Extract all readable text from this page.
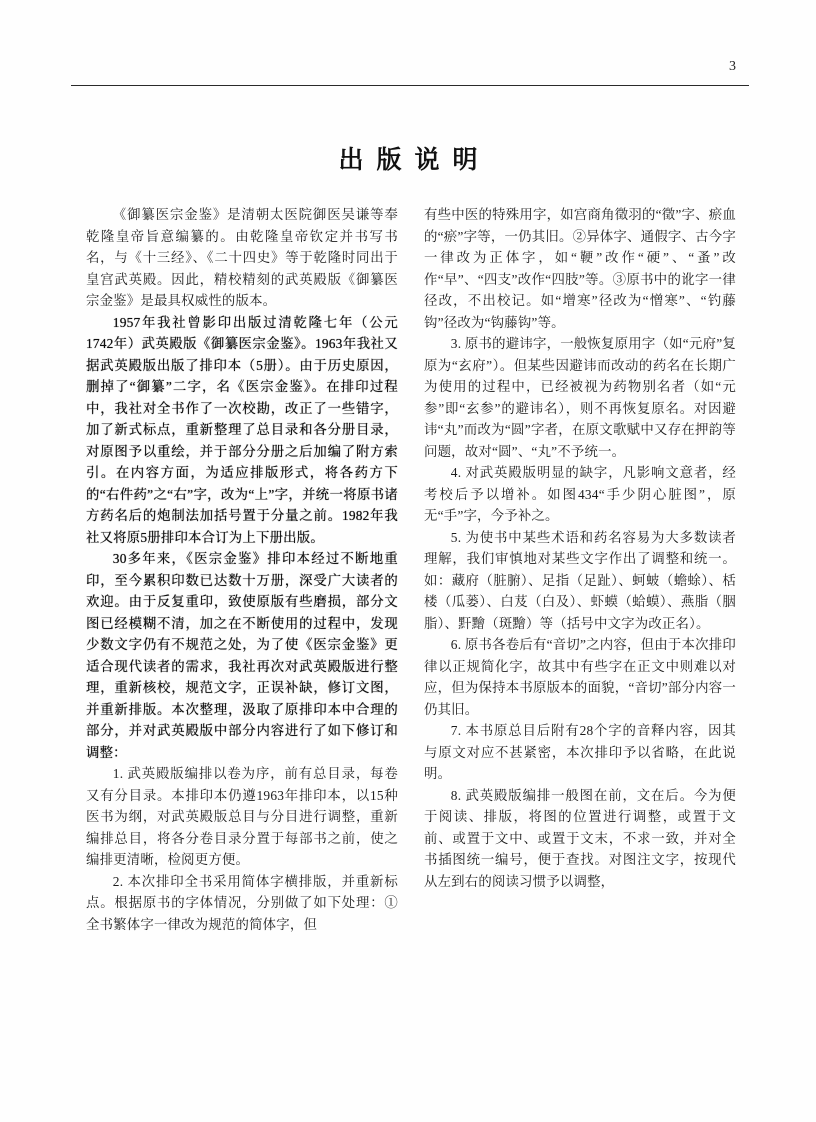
3
出版说明

《御纂医宗金鉴》是清朝太医院御医吴谦等奉乾隆皇帝旨意编纂的。由乾隆皇帝钦定并书写书名，与《十三经》、《二十四史》等于乾隆时同出于皇宫武英殿。因此，精校精刻的武英殿版《御纂医宗金鉴》是最具权威性的版本。

1957年我社曾影印出版过清乾隆七年（公元1742年）武英殿版《御纂医宗金鉴》。1963年我社又据武英殿版出版了排印本（5册）。由于历史原因，删掉了“御纂”二字，名《医宗金鉴》。在排印过程中，我社对全书作了一次校勘，改正了一些错字，加了新式标点，重新整理了总目录和各分册目录，对原图予以重绘，并于部分分册之后加编了附方索引。在内容方面，为适应排版形式，将各药方下的“右件药”之“右”字，改为“上”字，并统一将原书诸方药名后的炮制法加括号置于分量之前。1982年我社又将原5册排印本合订为上下册出版。

30多年来，《医宗金鉴》排印本经过不断地重印，至今累积印数已达数十万册，深受广大读者的欢迎。由于反复重印，致使原版有些磨损，部分文图已经模糊不清，加之在不断使用的过程中，发现少数文字仍有不规范之处，为了使《医宗金鉴》更适合现代读者的需求，我社再次对武英殿版进行整理，重新核校，规范文字，正误补缺，修订文图，并重新排版。本次整理，汲取了原排印本中合理的部分，并对武英殿版中部分内容进行了如下修订和调整：

1. 武英殿版编排以卷为序，前有总目录，每卷又有分目录。本排印本仍遵1963年排印本，以15种医书为纲，对武英殿版总目与分目进行调整，重新编排总目，将各分卷目录分置于每部书之前，使之编排更清晰，检阅更方便。

2. 本次排印全书采用简体字横排版，并重新标点。根据原书的字体情况，分别做了如下处理：①全书繁体字一律改为规范的简体字，但

有些中医的特殊用字，如宫商角徵羽的“徵”字、瘀血的“瘀”字等，一仍其旧。②异体字、通假字、古今字一律改为正体字，如“鞕”改作“硬”、“蚤”改作“早”、“四支”改作“四肢”等。③原书中的讹字一律径改，不出校记。如“增寒”径改为“憎寒”、“钓藤钩”径改为“钩藤钩”等。

3. 原书的避讳字，一般恢复原用字（如“元府”复原为“玄府”）。但某些因避讳而改动的药名在长期广为使用的过程中，已经被视为药物别名者（如“元参”即“玄参”的避讳名），则不再恢复原名。对因避讳“丸”而改为“圆”字者，在原文歌赋中又存在押韵等问题，故对“圆”、“丸”不予统一。

4. 对武英殿版明显的缺字，凡影响文意者，经考校后予以增补。如图434“手少阴心脏图”，原无“手”字，今予补之。

5. 为使书中某些术语和药名容易为大多数读者理解，我们审慎地对某些文字作出了调整和统一。如：藏府（脏腑）、足指（足趾）、蚵蚾（蟾蜍）、栝楼（瓜蒌）、白芨（白及）、虾蟆（蛤蟆）、燕脂（胭脂）、䵟䵳（斑䵳）等（括号中文字为改正名）。

6. 原书各卷后有“音切”之内容，但由于本次排印律以正规简化字，故其中有些字在正文中则难以对应，但为保持本书原版本的面貌，“音切”部分内容一仍其旧。

7. 本书原总目后附有28个字的音释内容，因其与原文对应不甚紧密，本次排印予以省略，在此说明。

8. 武英殿版编排一般图在前，文在后。今为便于阅读、排版，将图的位置进行调整，或置于文前、或置于文中、或置于文末，不求一致，并对全书插图统一编号，便于查找。对图注文字，按现代从左到右的阅读习惯予以调整，
